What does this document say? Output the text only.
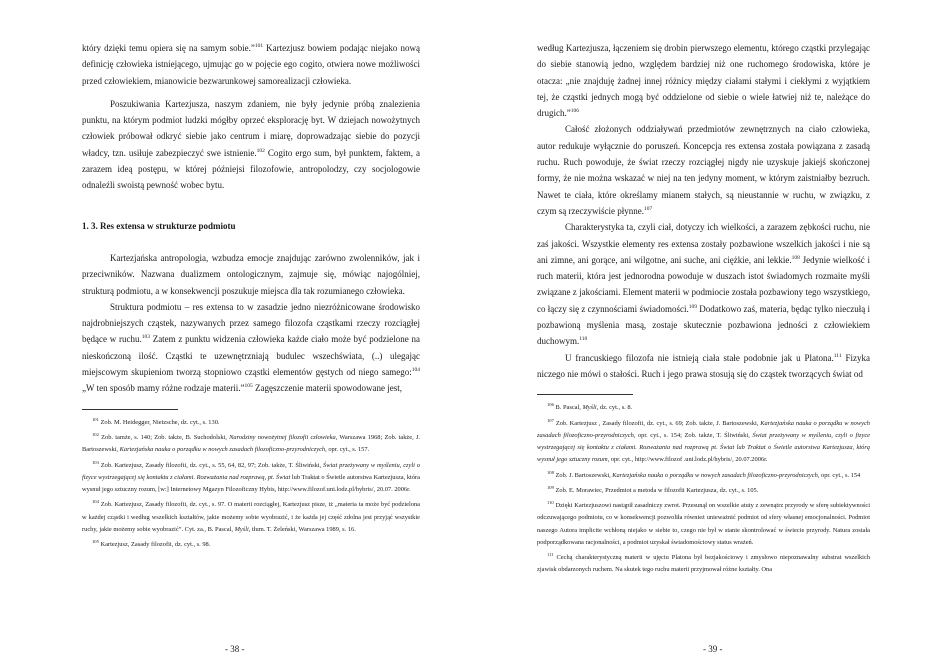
który dzięki temu opiera się na samym sobie.”$^{101}$ Kartezjusz bowiem podając niejako nową definicję człowieka istniejącego, ujmując go w pojęcie ego cogito, otwiera nowe możliwości przed człowiekiem, mianowicie bezwarunkowej samorealizacji człowieka.

Poszukiwania Kartezjusza, naszym zdaniem, nie były jedynie próbą znalezienia punktu, na którym podmiot ludzki mógłby oprzeć eksplorację byt. W dziejach nowożytnych człowiek próbował odkryć siebie jako centrum i miarę, doprowadzając siebie do pozycji władcy, tzn. usiłuje zabezpieczyć swe istnienie.$^{102}$ Cogito ergo sum, był punktem, faktem, a zarazem ideą postępu, w której późniejsi filozofowie, antropolodzy, czy socjologowie odnaleźli swoistą pewność wobec bytu.

1. 3. Res extensa w strukturze podmiotu

Kartezjańska antropologia, wzbudza emocje znajdując zarówno zwolenników, jak i przeciwników. Nazwana dualizmem ontologicznym, zajmuje się, mówiąc najogólniej, strukturą podmiotu, a w konsekwencji poszukuje miejsca dla tak rozumianego człowieka.

Struktura podmiotu – res extensa to w zasadzie jedno niezróżnicowane środowisko najdrobniejszych cząstek, nazywanych przez samego filozofa cząstkami rzeczy rozciągłej będące w ruchu.$^{103}$ Zatem z punktu widzenia człowieka każde ciało może być podzielone na nieskończoną ilość. Cząstki te uzewnętrzniają budulec wszechświata, (..) ulegając miejscowym skupieniom tworzą stopniowo cząstki elementów gęstych od niego samego:$^{104}$ „W ten sposób mamy różne rodzaje materii.”$^{105}$ Zagęszczenie materii spowodowane jest,

$^{101}$ Zob. M. Heidegger, Nietzsche, dz. cyt., s. 130.

$^{102}$ Zob. tamże, s. 140; Zob. także, B. Suchodolski, Narodziny nowożytnej filozofii człowieka, Warszawa 1968; Zob. także, J. Bartoszewski, Kartezjańska nauka o porządku w nowych zasadach filozoficzno-przyrodniczych, opr. cyt., s. 157.

$^{103}$ Zob. Kartezjusz, Zasady filozofii, dz. cyt., s. 55, 64, 82, 97; Zob. także, T. Śliwiński, Świat przeżywany w myśleniu, czyli o fizyce wystrzegającej się kontaktu z ciałami. Rozważania nad rozprawą, pt. Świat lub Traktat o Świetle autorstwa Kartezjusza, która wysnuł jego sztuczny rozum, [w:] Internetowy Mgazyn Filozoficzny Hybis, http://www.filozof.uni.lodz.pl/hybris/, 20.07. 2006r.

$^{104}$ Zob. Kartezjusz, Zasady filozofii, dz. cyt., s. 97. O materii rozciągłej, Kartezjusz pisze, iż „materia ta może być podzielona w każdej cząstki i według wszelkich kształtów, jakie możemy sobie wyobrazić, i że każda jej część zdolna jest przyjąć wszystkie ruchy, jakie możemy sobie wyobrazić”. Cyt. za., B. Pascal, Myśli, tłum. T. Żeleński, Warszawa 1989, s. 16.

$^{105}$ Kartezjusz, Zasady filozofii, dz. cyt., s. 98.

- 38 -

według Kartezjusza, łączeniem się drobin pierwszego elementu, którego cząstki przylegając do siebie stanowią jedno, względem bardziej niż one ruchomego środowiska, które je otacza: „nie znajduję żadnej innej różnicy między ciałami stałymi i ciekłymi z wyjątkiem tej, że cząstki jednych mogą być oddzielone od siebie o wiele łatwiej niż te, należące do drugich.”$^{106}$

Całość złożonych oddziaływań przedmiotów zewnętrznych na ciało człowieka, autor redukuje wyłącznie do poruszeń. Koncepcja res extensa została powiązana z zasadą ruchu. Ruch powoduje, że świat rzeczy rozciągłej nigdy nie uzyskuje jakiejś skończonej formy, że nie można wskazać w niej na ten jedyny moment, w którym zaistniałby bezruch. Nawet te ciała, które określamy mianem stałych, są nieustannie w ruchu, w związku, z czym są rzeczywiście płynne.$^{107}$

Charakterystyka ta, czyli ciał, dotyczy ich wielkości, a zarazem zębkości ruchu, nie zaś jakości. Wszystkie elementy res extensa zostały pozbawione wszelkich jakości i nie są ani zimne, ani gorące, ani wilgotne, ani suche, ani ciężkie, ani lekkie.$^{108}$ Jedynie wielkość i ruch materii, która jest jednorodna powoduje w duszach istot świadomych rozmaite myśli związane z jakościami. Element materii w podmiocie została pozbawiony tego wszystkiego, co łączy się z czynnościami świadomości.$^{109}$ Dodatkowo zaś, materia, będąc tylko nieczułą i pozbawioną myślenia masą, zostaje skutecznie pozbawiona jedności z człowiekiem duchowym.$^{110}$

U francuskiego filozofa nie istnieją ciała stałe podobnie jak u Platona.$^{111}$ Fizyka niczego nie mówi o stałości. Ruch i jego prawa stosują się do cząstek tworzących świat od

$^{106}$ B. Pascal, Myśli, dz. cyt., s. 8.

$^{107}$ Zob. Kartezjusz , Zasady filozofii, dz. cyt., s. 69; Zob. także, J. Bartoszewski, Kartezjańska nauka o porządku w nowych zasadach filozoficzno-przyrodniczych, opr. cyt., s. 154; Zob. także, T. Śliwiński, Świat przeżywany w myśleniu, czyli o fizyce wystrzegającej się kontaktu z ciałami. Rozważania nad rozprawą pt. Świat lub Traktat o Świetle autorstwa Kartezjusza, którą wysnuł jego sztuczny rozum, opr. cyt., http://www.filozof .uni.lodz.pl/hybris/, 20.07.2006r.

$^{108}$ Zob. J. Bartoszewski, Kartezjańska nauka o porządku w nowych zasadach filozoficzno-przyrodniczych, opr. cyt., s. 154

$^{109}$ Zob. E. Morawiec, Przedmiot a metoda w filozofii Kartezjusza, dz. cyt., s. 105.

$^{110}$ Dzięki Kartezjuszowi nastąpił zasadniczy zwrot. Przesunął on wszelkie atuty z zewnątrz przyrody w sferę subiektywności odczuwającego podmiotu, co w konsekwencji pozwoliła również unieważnić podmiot od sfery własnej emocjonalności. Podmiot naszego Autora implicite wchłoną niejako w siebie to, czego nie był w stanie skontrolować w świecie przyrody. Natura została podporządkowana racjonalności, a podmiot uzyskał świadomościowy status wrażeń.

$^{111}$ Cechą charakterystyczną materii w ujęciu Platona był bezjakościowy i zmysłowo niepoznawalny substrat wszelkich zjawisk obdarzonych ruchem. Na skutek tego ruchu materii przyjmował różne kształty. Ona

- 39 -
